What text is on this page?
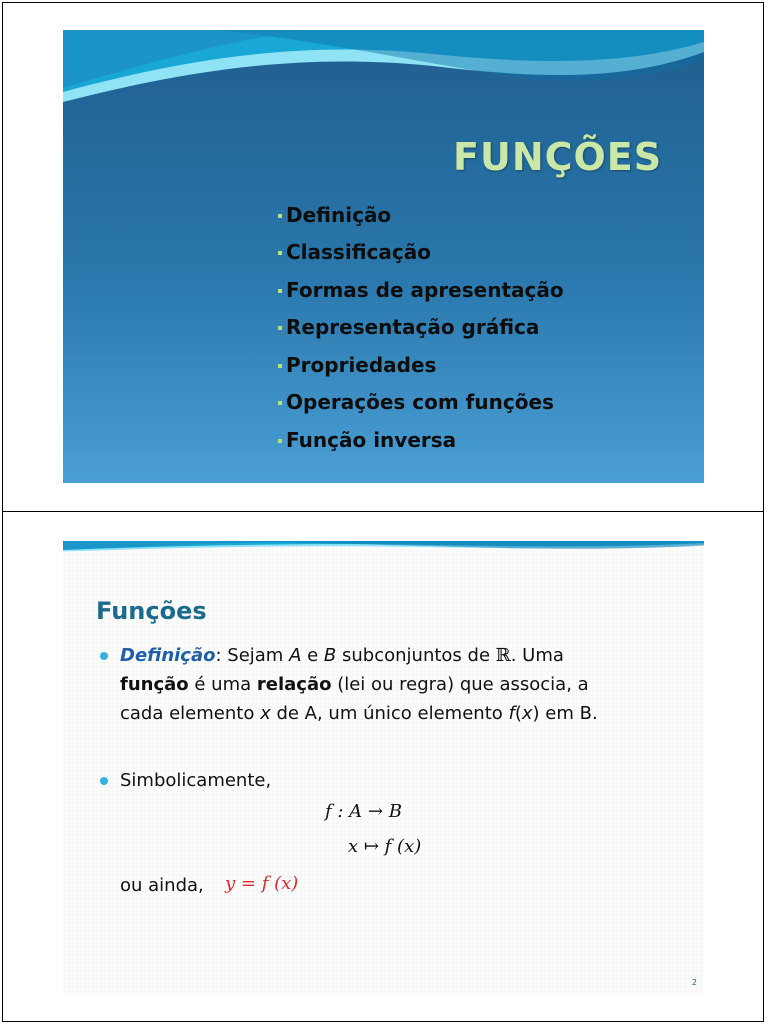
FUNÇÕES
Definição
Classificação
Formas de apresentação
Representação gráfica
Propriedades
Operações com funções
Função inversa
Funções
Definição: Sejam A e B subconjuntos de ℝ. Uma
função é uma relação (lei ou regra) que associa, a
cada elemento x de A, um único elemento f(x) em B.
Simbolicamente,
f : A → B
x ↦ f (x)
ou ainda, y = f (x)
2
